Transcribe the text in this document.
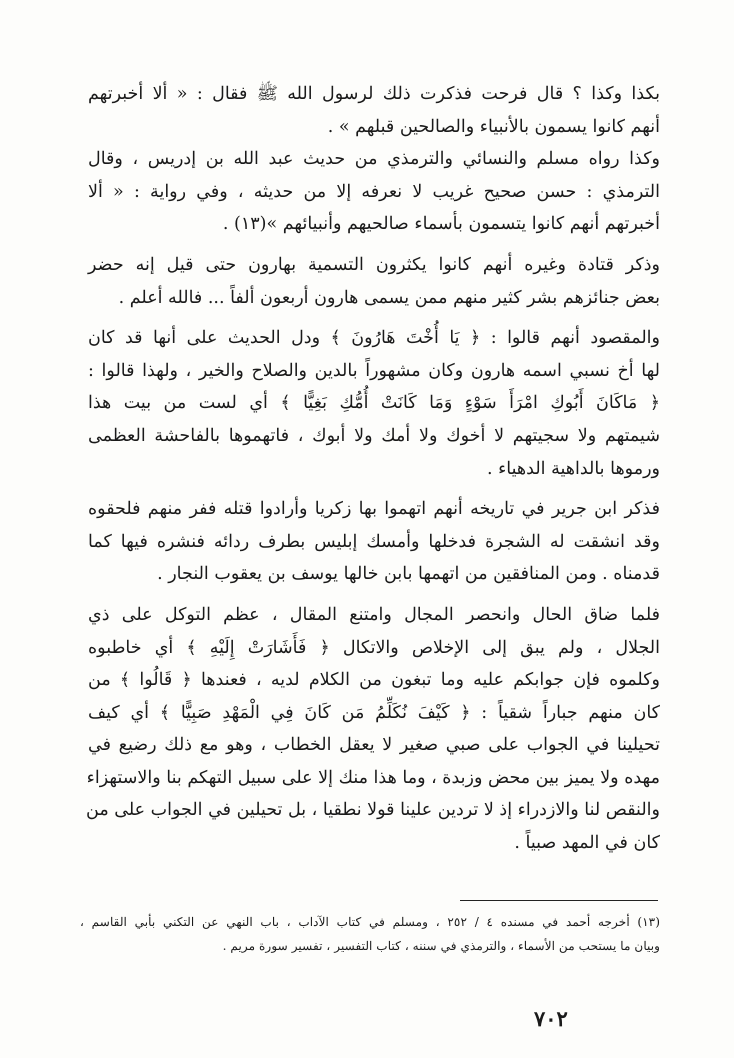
بكذا وكذا ؟ قال فرحت فذكرت ذلك لرسول الله ﷺ فقال : « ألا أخبرتهم
أنهم كانوا يسمون بالأنبياء والصالحين قبلهم » .

وكذا رواه مسلم والنسائي والترمذي من حديث عبد الله بن إدريس ، وقال
الترمذي : حسن صحيح غريب لا نعرفه إلا من حديثه ، وفي رواية : « ألا
أخبرتهم أنهم كانوا يتسمون بأسماء صالحيهم وأنبيائهم »(١٣) .

وذكر قتادة وغيره أنهم كانوا يكثرون التسمية بهارون حتى قيل إنه حضر
بعض جنائزهم بشر كثير منهم ممن يسمى هارون أربعون ألفاً ... فالله أعلم .

والمقصود أنهم قالوا : ﴿ يَا أُخْتَ هَارُونَ ﴾ ودل الحديث على أنها قد كان
لها أخ نسبي اسمه هارون وكان مشهوراً بالدين والصلاح والخير ، ولهذا قالوا :
﴿ مَاكَانَ أَبُوكِ امْرَأَ سَوْءٍ وَمَا كَانَتْ أُمُّكِ بَغِيًّا ﴾ أي لست من بيت هذا
شيمتهم ولا سجيتهم لا أخوك ولا أمك ولا أبوك ، فاتهموها بالفاحشة العظمى
ورموها بالداهية الدهياء .

فذكر ابن جرير في تاريخه أنهم اتهموا بها زكريا وأرادوا قتله ففر منهم فلحقوه
وقد انشقت له الشجرة فدخلها وأمسك إبليس بطرف ردائه فنشره فيها كما
قدمناه . ومن المنافقين من اتهمها بابن خالها يوسف بن يعقوب النجار .

فلما ضاق الحال وانحصر المجال وامتنع المقال ، عظم التوكل على ذي
الجلال ، ولم يبق إلى الإخلاص والاتكال ﴿ فَأَشَارَتْ إِلَيْهِ ﴾ أي خاطبوه
وكلموه فإن جوابكم عليه وما تبغون من الكلام لديه ، فعندها ﴿ قَالُوا ﴾ من
كان منهم جباراً شقياً : ﴿ كَيْفَ نُكَلِّمُ مَن كَانَ فِي الْمَهْدِ صَبِيًّا ﴾ أي كيف
تحيلينا في الجواب على صبي صغير لا يعقل الخطاب ، وهو مع ذلك رضيع في
مهده ولا يميز بين محض وزبدة ، وما هذا منك إلا على سبيل التهكم بنا والاستهزاء
والنقص لنا والازدراء إذ لا تردين علينا قولا نطقيا ، بل تحيلين في الجواب على من
كان في المهد صبياً .

(١٣) أخرجه أحمد في مسنده ٤ / ٢٥٢ ، ومسلم في كتاب الآداب ، باب النهي عن التكني بأبي القاسم ،
وبيان ما يستحب من الأسماء ، والترمذي في سننه ، كتاب التفسير ، تفسير سورة مريم .
٧٠٢
